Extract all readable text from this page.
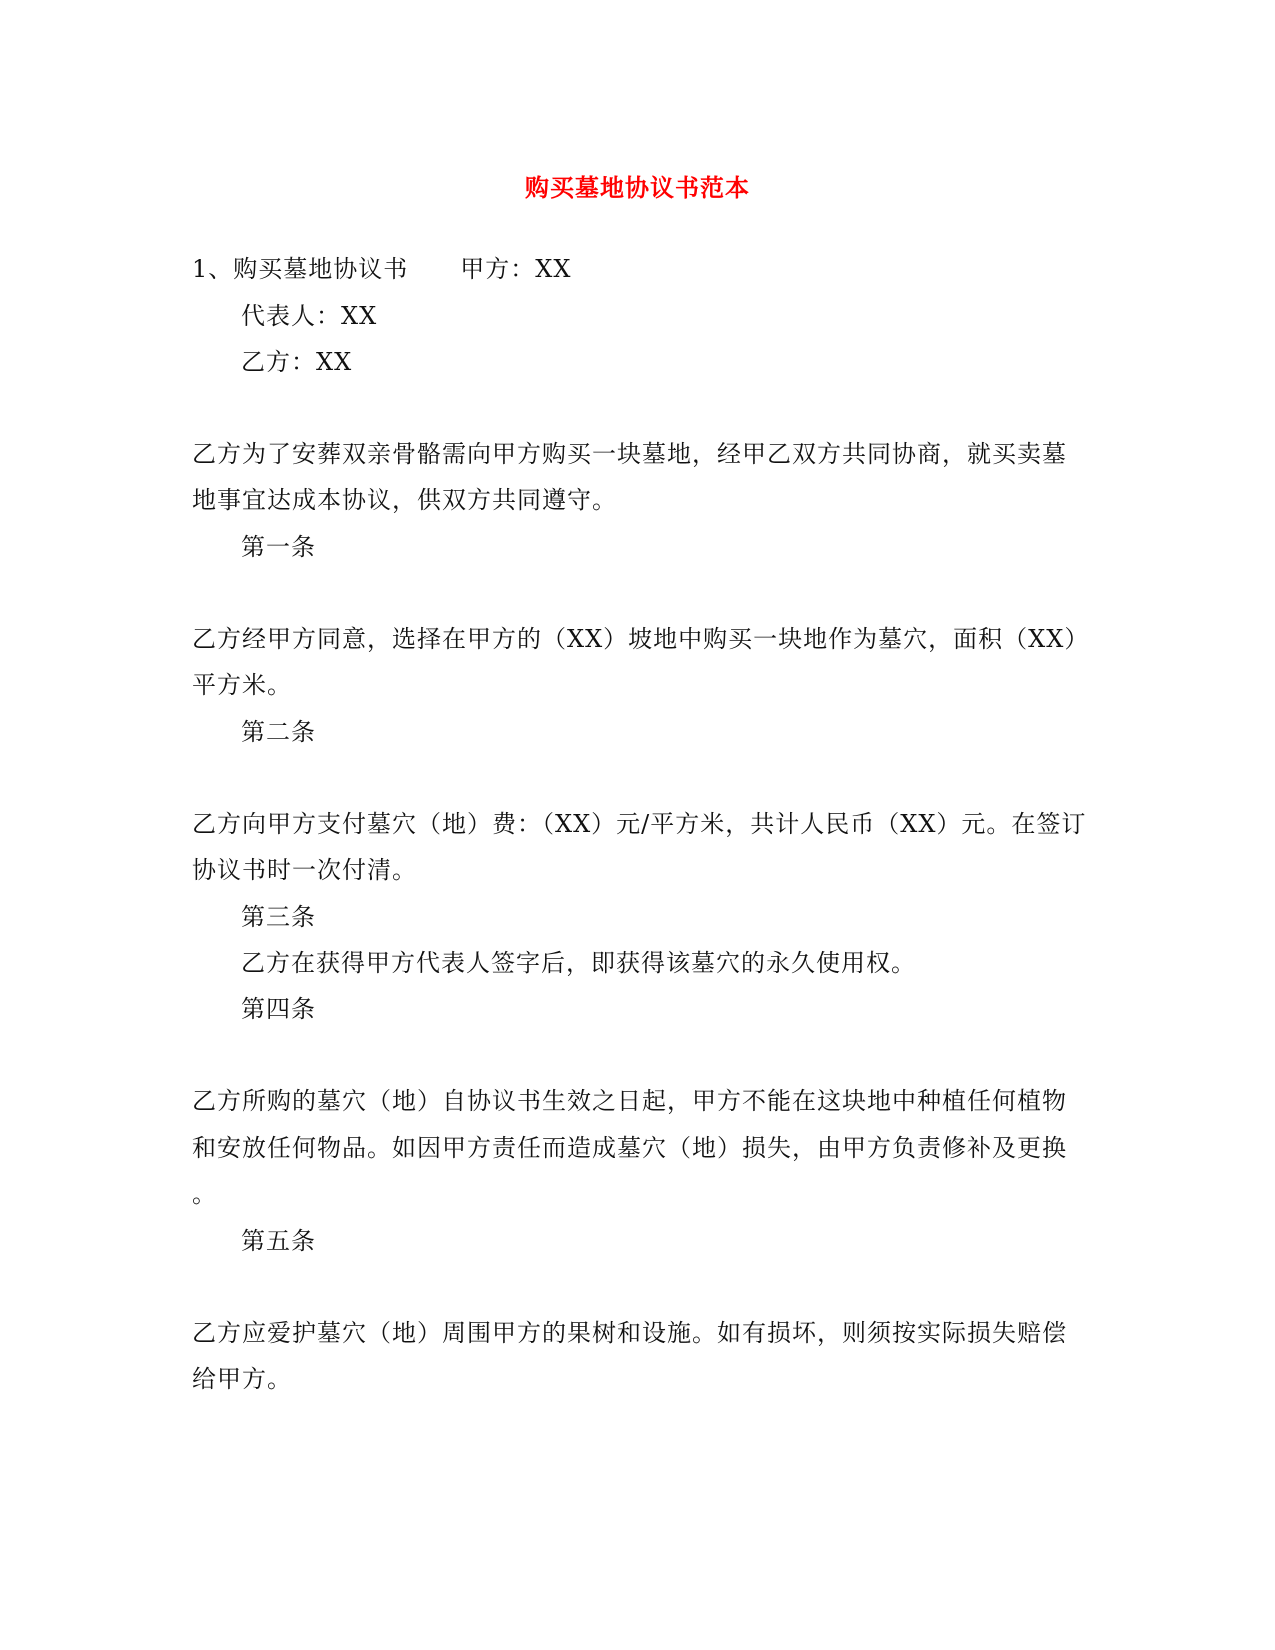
购买墓地协议书范本
1、购买墓地协议书 甲方：XX
代表人：XX
乙方：XX
乙方为了安葬双亲骨骼需向甲方购买一块墓地，经甲乙双方共同协商，就买卖墓
地事宜达成本协议，供双方共同遵守。
第一条
乙方经甲方同意，选择在甲方的（XX）坡地中购买一块地作为墓穴，面积（XX）
平方米。
第二条
乙方向甲方支付墓穴（地）费：（XX）元/平方米，共计人民币（XX）元。在签订
协议书时一次付清。
第三条
乙方在获得甲方代表人签字后，即获得该墓穴的永久使用权。
第四条
乙方所购的墓穴（地）自协议书生效之日起，甲方不能在这块地中种植任何植物
和安放任何物品。如因甲方责任而造成墓穴（地）损失，由甲方负责修补及更换
。
第五条
乙方应爱护墓穴（地）周围甲方的果树和设施。如有损坏，则须按实际损失赔偿
给甲方。
